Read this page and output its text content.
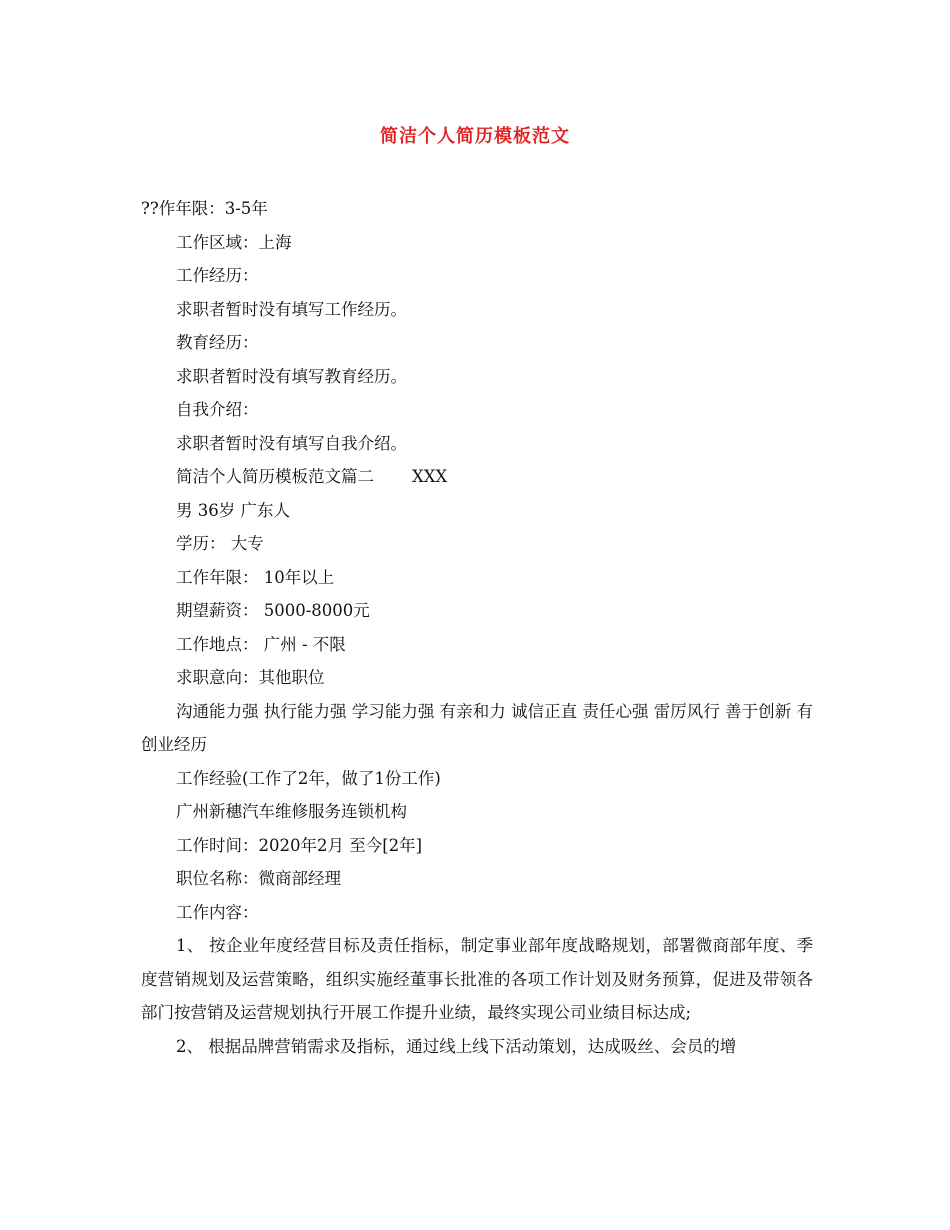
简洁个人简历模板范文
??作年限：3-5年
工作区域：上海
工作经历：
求职者暂时没有填写工作经历。
教育经历：
求职者暂时没有填写教育经历。
自我介绍：
求职者暂时没有填写自我介绍。
简洁个人简历模板范文篇二 XXX
男 36岁 广东人
学历： 大专
工作年限： 10年以上
期望薪资： 5000-8000元
工作地点： 广州 - 不限
求职意向：其他职位
沟通能力强 执行能力强 学习能力强 有亲和力 诚信正直 责任心强 雷厉风行 善于创新 有创业经历
工作经验(工作了2年，做了1份工作)
广州新穗汽车维修服务连锁机构
工作时间：2020年2月 至今[2年]
职位名称：微商部经理
工作内容：
1、 按企业年度经营目标及责任指标，制定事业部年度战略规划，部署微商部年度、季度营销规划及运营策略，组织实施经董事长批准的各项工作计划及财务预算，促进及带领各部门按营销及运营规划执行开展工作提升业绩，最终实现公司业绩目标达成;
2、 根据品牌营销需求及指标，通过线上线下活动策划，达成吸丝、会员的增
